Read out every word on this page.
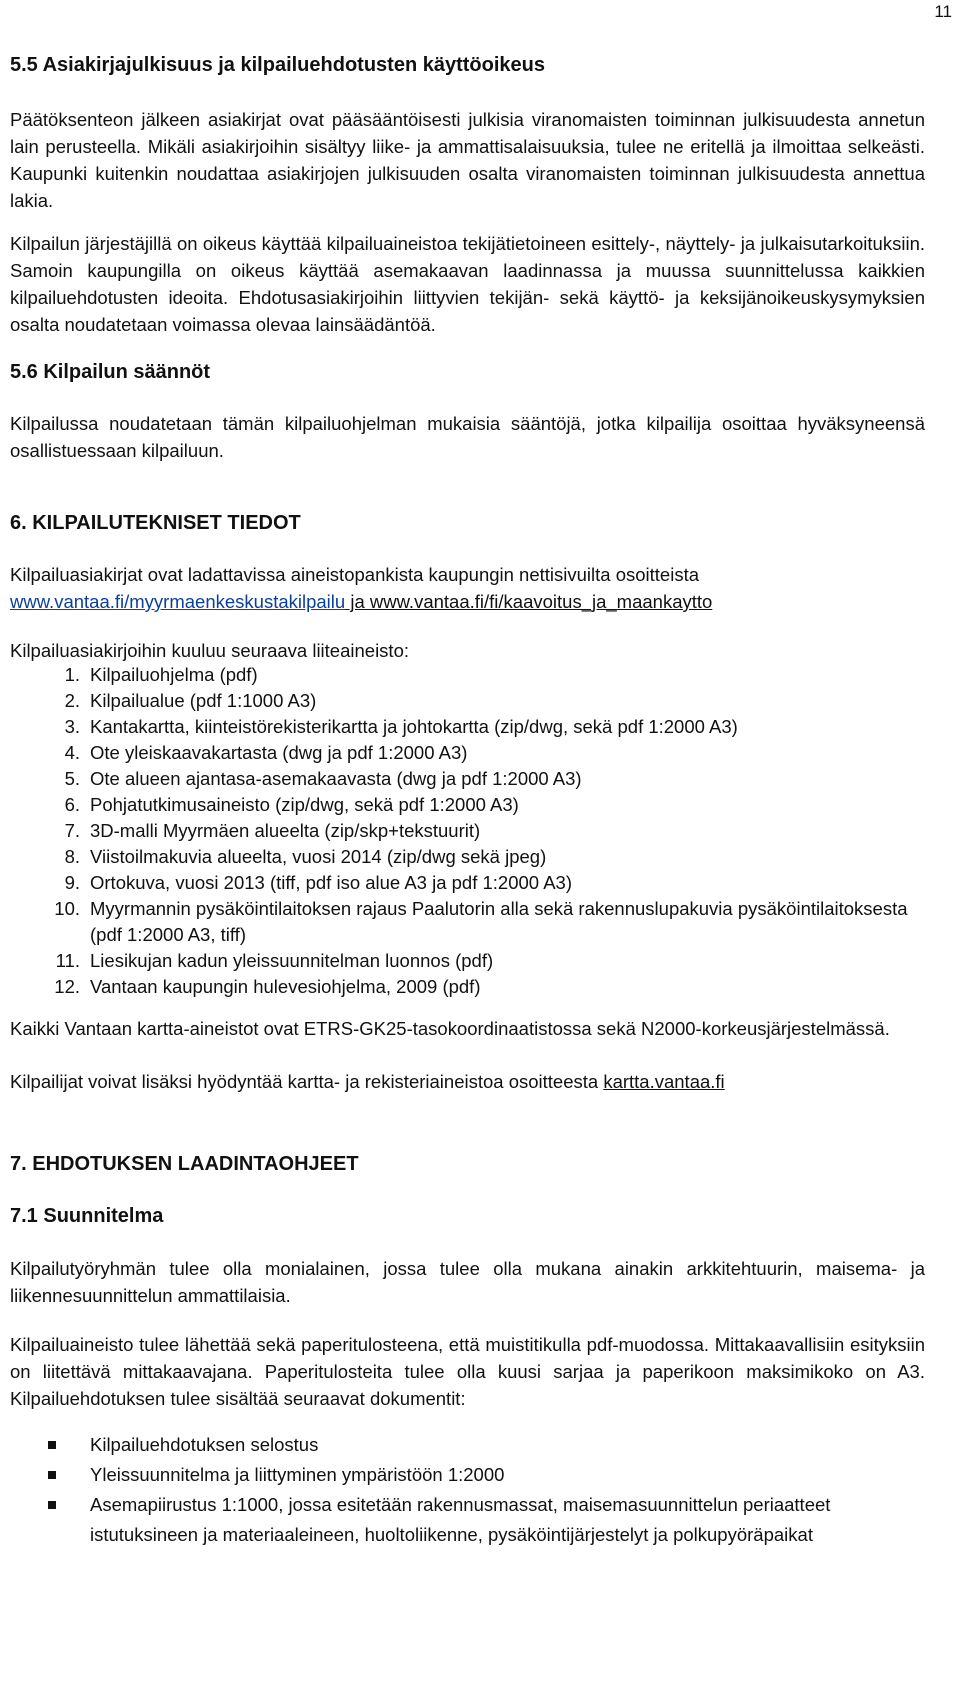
11
5.5 Asiakirjajulkisuus ja kilpailuehdotusten käyttöoikeus
Päätöksenteon jälkeen asiakirjat ovat pääsääntöisesti julkisia viranomaisten toiminnan julkisuudesta annetun lain perusteella. Mikäli asiakirjoihin sisältyy liike- ja ammattisalaisuuksia, tulee ne eritellä ja ilmoittaa selkeästi. Kaupunki kuitenkin noudattaa asiakirjojen julkisuuden osalta viranomaisten toiminnan julkisuudesta annettua lakia.
Kilpailun järjestäjillä on oikeus käyttää kilpailuaineistoa tekijätietoineen esittely-, näyttely- ja julkaisutarkoituksiin. Samoin kaupungilla on oikeus käyttää asemakaavan laadinnassa ja muussa suunnittelussa kaikkien kilpailuehdotusten ideoita. Ehdotusasiakirjoihin liittyvien tekijän- sekä käyttö- ja keksijänoikeuskysymyksien osalta noudatetaan voimassa olevaa lainsäädäntöä.
5.6 Kilpailun säännöt
Kilpailussa noudatetaan tämän kilpailuohjelman mukaisia sääntöjä, jotka kilpailija osoittaa hyväksyneensä osallistuessaan kilpailuun.
6. KILPAILUTEKNISET TIEDOT
Kilpailuasiakirjat ovat ladattavissa aineistopankista kaupungin nettisivuilta osoitteista
www.vantaa.fi/myyrmaenkeskustakilpailu ja www.vantaa.fi/fi/kaavoitus_ja_maankaytto
Kilpailuasiakirjoihin kuuluu seuraava liiteaineisto:
1. Kilpailuohjelma (pdf)
2. Kilpailualue (pdf 1:1000 A3)
3. Kantakartta, kiinteistörekisterikartta ja johtokartta (zip/dwg, sekä pdf 1:2000 A3)
4. Ote yleiskaavakartasta (dwg ja pdf 1:2000 A3)
5. Ote alueen ajantasa-asemakaavasta (dwg ja pdf 1:2000 A3)
6. Pohjatutkimusaineisto (zip/dwg, sekä pdf 1:2000 A3)
7. 3D-malli Myyrmäen alueelta (zip/skp+tekstuurit)
8. Viistoilmakuvia alueelta, vuosi 2014 (zip/dwg sekä jpeg)
9. Ortokuva, vuosi 2013 (tiff, pdf iso alue A3 ja pdf 1:2000 A3)
10. Myyrmannin pysäköintilaitoksen rajaus Paalutorin alla sekä rakennuslupakuvia pysäköintilaitoksesta (pdf 1:2000 A3, tiff)
11. Liesikujan kadun yleissuunnitelman luonnos (pdf)
12. Vantaan kaupungin hulevesiohjelma, 2009 (pdf)
Kaikki Vantaan kartta-aineistot ovat ETRS-GK25-tasokoordinaatistossa sekä N2000-korkeusjärjestelmässä.
Kilpailijat voivat lisäksi hyödyntää kartta- ja rekisteriaineistoa osoitteesta kartta.vantaa.fi
7. EHDOTUKSEN LAADINTAOHJEET
7.1 Suunnitelma
Kilpailutyöryhmän tulee olla monialainen, jossa tulee olla mukana ainakin arkkitehtuurin, maisema- ja liikennesuunnittelun ammattilaisia.
Kilpailuaineisto tulee lähettää sekä paperitulosteena, että muistitikulla pdf-muodossa. Mittakaavallisiin esityksiin on liitettävä mittakaavajana. Paperitulosteita tulee olla kuusi sarjaa ja paperikoon maksimikoko on A3. Kilpailuehdotuksen tulee sisältää seuraavat dokumentit:
Kilpailuehdotuksen selostus
Yleissuunnitelma ja liittyminen ympäristöön 1:2000
Asemapiirustus 1:1000, jossa esitetään rakennusmassat, maisemasuunnittelun periaatteet istutuksineen ja materiaaleineen, huoltoliikenne, pysäköintijärjestelyt ja polkupyöräpaikat
